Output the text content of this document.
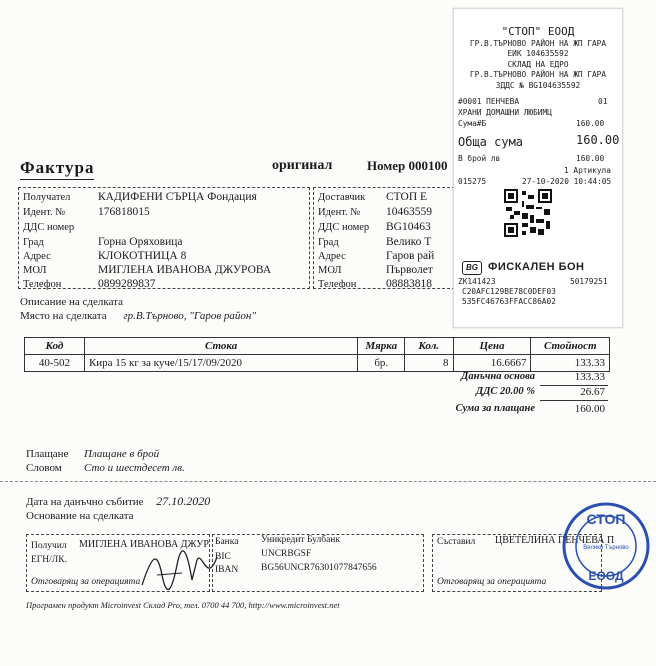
Фактура	оригинал	Номер 000100
Получател КАДИФЕНИ СЪРЦА Фондация
Идент. №	176818015
ДДС номер
Град	Горна Оряховица
Адрес	КЛОКОТНИЦА 8
МОЛ	МИГЛЕНА ИВАНОВА ДЖУРОВА
Телефон	0899289837
Доставчик СТОП Е
Идент. № 10463559
ДДС номер BG10463
Град	Велико Т
Адрес	Гаров рай
МОЛ	Първолет
Телефон	08883818
Описание на сделката
Място на сделката гр.В.Търново, "Гаров район"
Код	Стока	Мярка	Кол.	Цена	Стойност
40-502	Кира 15 кг за куче/15/17/09/2020	бр.	8	16.6667	133.33
Данъчна основа	133.33
ДДС 20.00 %	26.67
Сума за плащане	160.00
Плащане Плащане в брой
Словом Сто и шестдесет лв.
Дата на данъчно събитие 27.10.2020
Основание на сделката
Получил МИГЛЕНА ИВАНОВА ДЖУР
ЕГН/ЛК.
Отговарящ за операцията
Банка Уникредит Булбанк
BIC	UNCRBGSF
IBAN BG56UNCR76301077847656
Съставил ЦВЕТЕЛИНА ПЕНЧЕВА П
Отговарящ за операцията
Програмен продукт Microinvest Склад Pro, тел. 0700 44 700, http://www.microinvest.net
"СТОП" ЕООД
ГР.В.ТЪРНОВО РАЙОН НА ЖП ГАРА
ЕИК 104635592
СКЛАД НА ЕДРО
ГР.В.ТЪРНОВО РАЙОН НА ЖП ГАРА
ЗДДС № BG104635592
#0001 ПЕНЧЕВА	01
ХРАНИ ДОМАШНИ ЛЮБИМЦ
Сума#Б	160.00
Обща сума	160.00
В брой лв	160.00
1 Артикула
015275	27-10-2020 10:44:05
BG ФИСКАЛЕН БОН
ZK141423	50179251
C20AFC129BE78C0DEF03
535FC46763FFACC86A02
СТОП
Велико Търново
ЕООД
